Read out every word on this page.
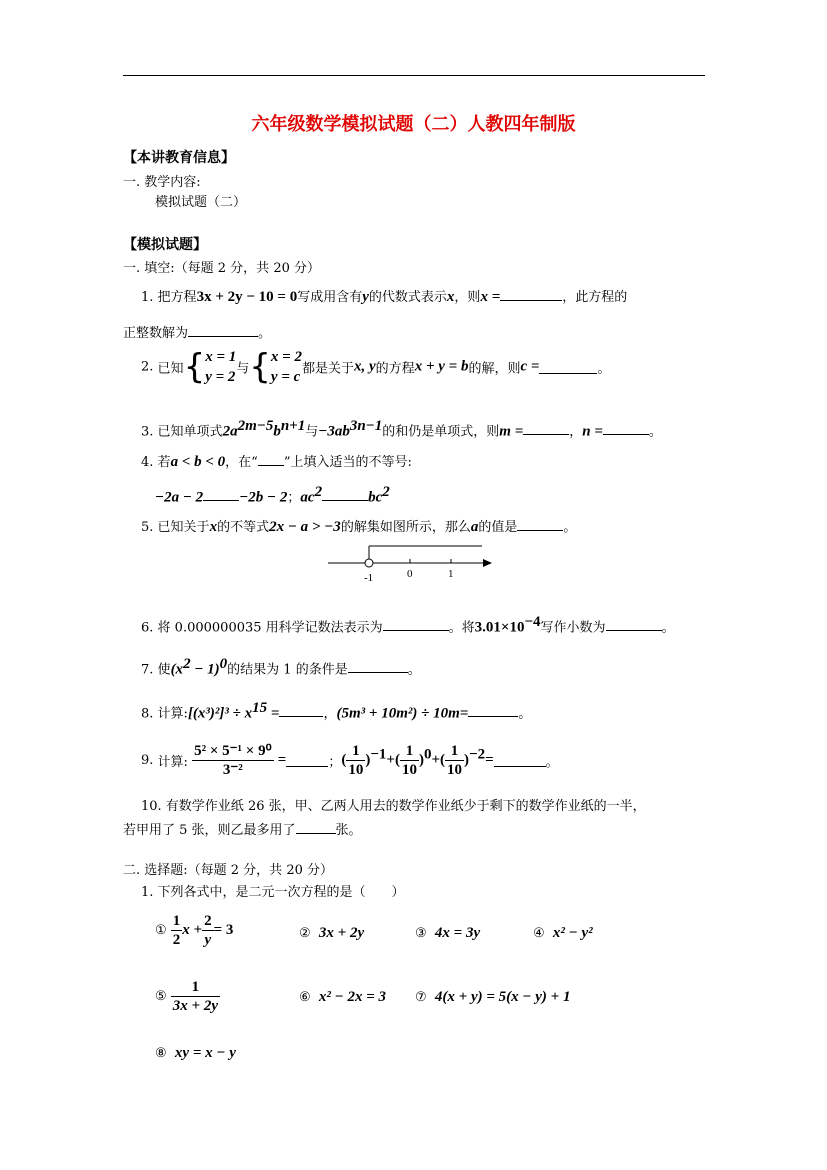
六年级数学模拟试题（二）人教四年制版
【本讲教育信息】
一. 教学内容:
模拟试题（二）
【模拟试题】
一. 填空:（每题 2 分，共 20 分）
1. 把方程3x + 2y − 10 = 0写成用含有y的代数式表示x，则x =	，此方程的
正整数解为	。
2. 已知{ x = 1
y = 2 与{ x = 2
y = c 都是关于x, y的方程x + y = b的解，则c =	。
3. 已知单项式$2a^{2m-5}b^{n+1}$与$-3ab^{3n-1}$的和仍是单项式，则m =	，n =	。
4. 若a < b < 0，在“ ”上填入适当的不等号:
−2a − 2 −2b − 2；$ac^2$	$bc^2$
5. 已知关于x的不等式2x − a > −3的解集如图所示，那么a的值是	。
-1	0	1
6. 将 0.000000035 用科学记数法表示为	。将$3.01\times 10^{-4}$写作小数为	。
7. 使$(x^2 - 1)^0$的结果为 1 的条件是	。
8. 计算:[(x³)²]³ ÷ $x^{15}$ =	，(5m³ + 10m²) ÷ 10m=	。
9. 计算: $\frac{\text{5² × 5⁻¹ × 9⁰}}{\text{3⁻²}}$ =	；( $\frac{1}{10} )^{-1}+( \frac{1}{10} )^0+( \frac{1}{10} )^{-2}=$	。
10. 有数学作业纸 26 张，甲、乙两人用去的数学作业纸少于剩下的数学作业纸的一半，
若甲用了 5 张，则乙最多用了	张。
二. 选择题:（每题 2 分，共 20 分）
1. 下列各式中，是二元一次方程的是（　　）
① $\frac{1}{2}$ $x + \frac{2}{y} = 3$	② 3x + 2y	③ 4x = 3y	④ x² − y²
⑤ $\frac{1}{3x + 2y}$	⑥ x² − 2x = 3 ⑦ 4(x + y) = 5(x − y) + 1
⑧ xy = x − y
